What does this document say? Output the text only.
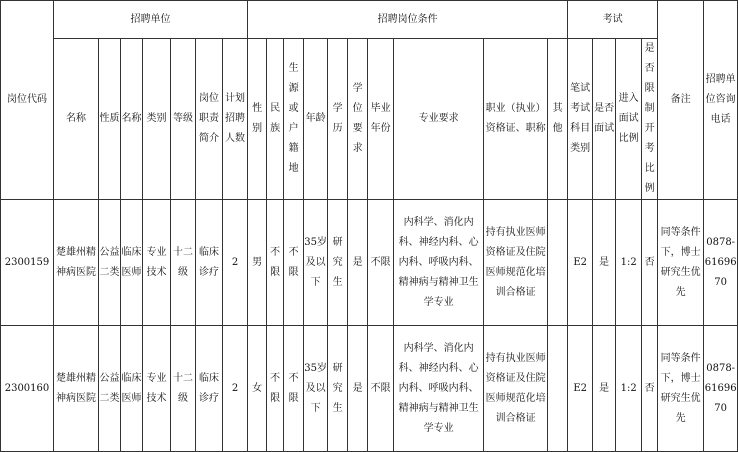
岗位代码	招聘单位							招聘岗位条件										考试				备注	招聘单位咨询电话
	名称	性质	名称	类别	等级	岗位职责简介	计划招聘人数	性别	民族	生源或户籍地	年龄	学历	学位要求	毕业年份	专业要求	职业（执业）资格证、职称	其他	笔试考试科目类别	是否面试	进入面试比例	是否限制开考比例		
2300159	楚雄州精神病医院	公益二类	临床医师	专业技术	十二级	临床诊疗	2	男	不限	不限	35岁及以下	研究生	是	不限	内科学、消化内科、神经内科、心内科、呼吸内科、精神病与精神卫生学专业	持有执业医师资格证及住院医师规范化培训合格证		E2	是	1:2	否	同等条件下，博士研究生优先	0878-6169670
2300160	楚雄州精神病医院	公益二类	临床医师	专业技术	十二级	临床诊疗	2	女	不限	不限	35岁及以下	研究生	是	不限	内科学、消化内科、神经内科、心内科、呼吸内科、精神病与精神卫生学专业	持有执业医师资格证及住院医师规范化培训合格证		E2	是	1:2	否	同等条件下，博士研究生优先	0878-6169670
